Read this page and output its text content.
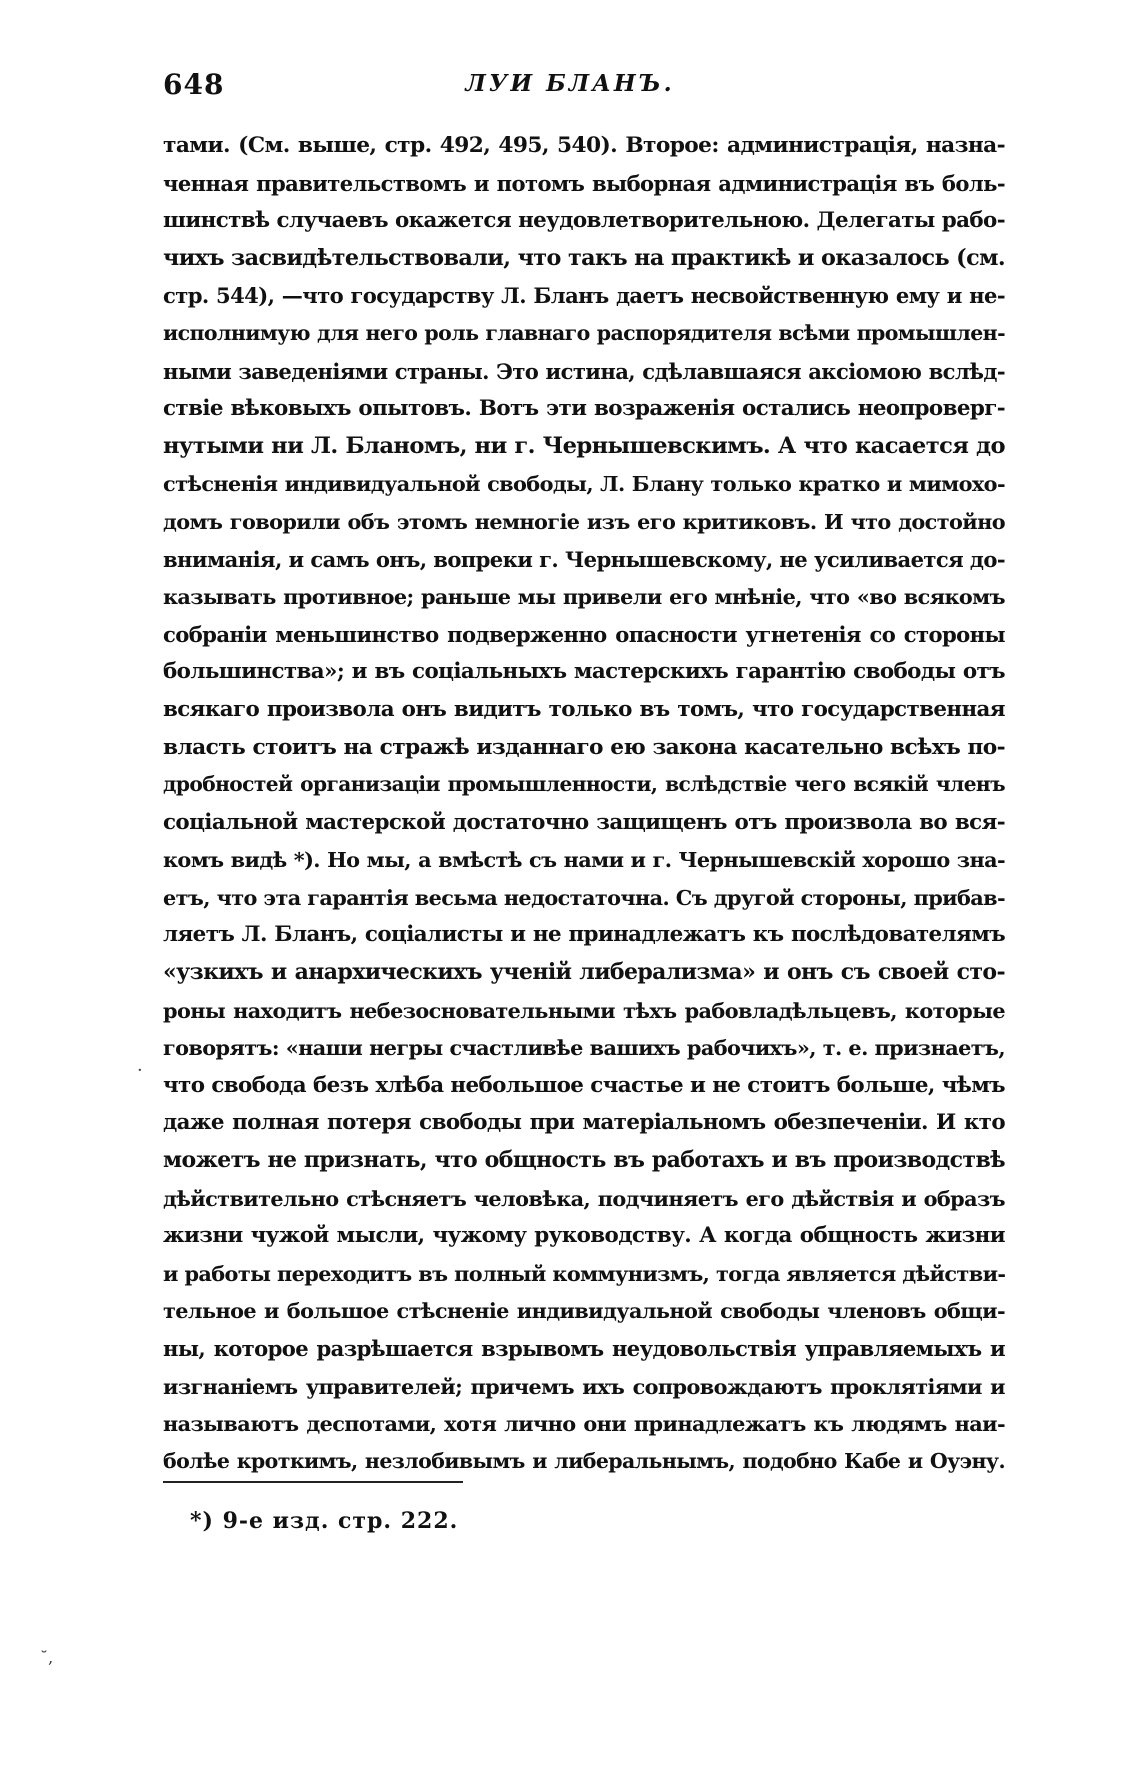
648	ЛУИ БЛАНЪ.
тами. (См. выше, стр. 492, 495, 540). Второе: администрація, назна-
ченная правительствомъ и потомъ выборная администрація въ боль-
шинствѣ случаевъ окажется неудовлетворительною. Делегаты рабо-
чихъ засвидѣтельствовали, что такъ на практикѣ и оказалось (см.
стр. 544), —что государству Л. Бланъ даетъ несвойственную ему и не-
исполнимую для него роль главнаго распорядителя всѣми промышлен-
ными заведеніями страны. Это истина, сдѣлавшаяся аксіомою вслѣд-
ствіе вѣковыхъ опытовъ. Вотъ эти возраженія остались неопроверг-
нутыми ни Л. Бланомъ, ни г. Чернышевскимъ. А что касается до
стѣсненія индивидуальной свободы, Л. Блану только кратко и мимохо-
домъ говорили объ этомъ немногіе изъ его критиковъ. И что достойно
вниманія, и самъ онъ, вопреки г. Чернышевскому, не усиливается до-
казывать противное; раньше мы привели его мнѣніе, что «во всякомъ
собраніи меньшинство подверженно опасности угнетенія со стороны
большинства»; и въ соціальныхъ мастерскихъ гарантію свободы отъ
всякаго произвола онъ видитъ только въ томъ, что государственная
власть стоитъ на стражѣ изданнаго ею закона касательно всѣхъ по-
дробностей организаціи промышленности, вслѣдствіе чего всякій членъ
соціальной мастерской достаточно защищенъ отъ произвола во вся-
комъ видѣ *). Но мы, а вмѣстѣ съ нами и г. Чернышевскій хорошо зна-
етъ, что эта гарантія весьма недостаточна. Съ другой стороны, прибав-
ляетъ Л. Бланъ, соціалисты и не принадлежатъ къ послѣдователямъ
«узкихъ и анархическихъ ученій либерализма» и онъ съ своей сто-
роны находитъ небезосновательными тѣхъ рабовладѣльцевъ, которые
говорятъ: «наши негры счастливѣе вашихъ рабочихъ», т. е. признаетъ,
что свобода безъ хлѣба небольшое счастье и не стоитъ больше, чѣмъ
даже полная потеря свободы при матеріальномъ обезпеченіи. И кто
можетъ не признать, что общность въ работахъ и въ производствѣ
дѣйствительно стѣсняетъ человѣка, подчиняетъ его дѣйствія и образъ
жизни чужой мысли, чужому руководству. А когда общность жизни
и работы переходитъ въ полный коммунизмъ, тогда является дѣйстви-
тельное и большое стѣсненіе индивидуальной свободы членовъ общи-
ны, которое разрѣшается взрывомъ неудовольствія управляемыхъ и
изгнаніемъ управителей; причемъ ихъ сопровождаютъ проклятіями и
называютъ деспотами, хотя лично они принадлежатъ къ людямъ наи-
болѣе кроткимъ, незлобивымъ и либеральнымъ, подобно Кабе и Оуэну.
·
*) 9-е изд. стр. 222.
˘‚
